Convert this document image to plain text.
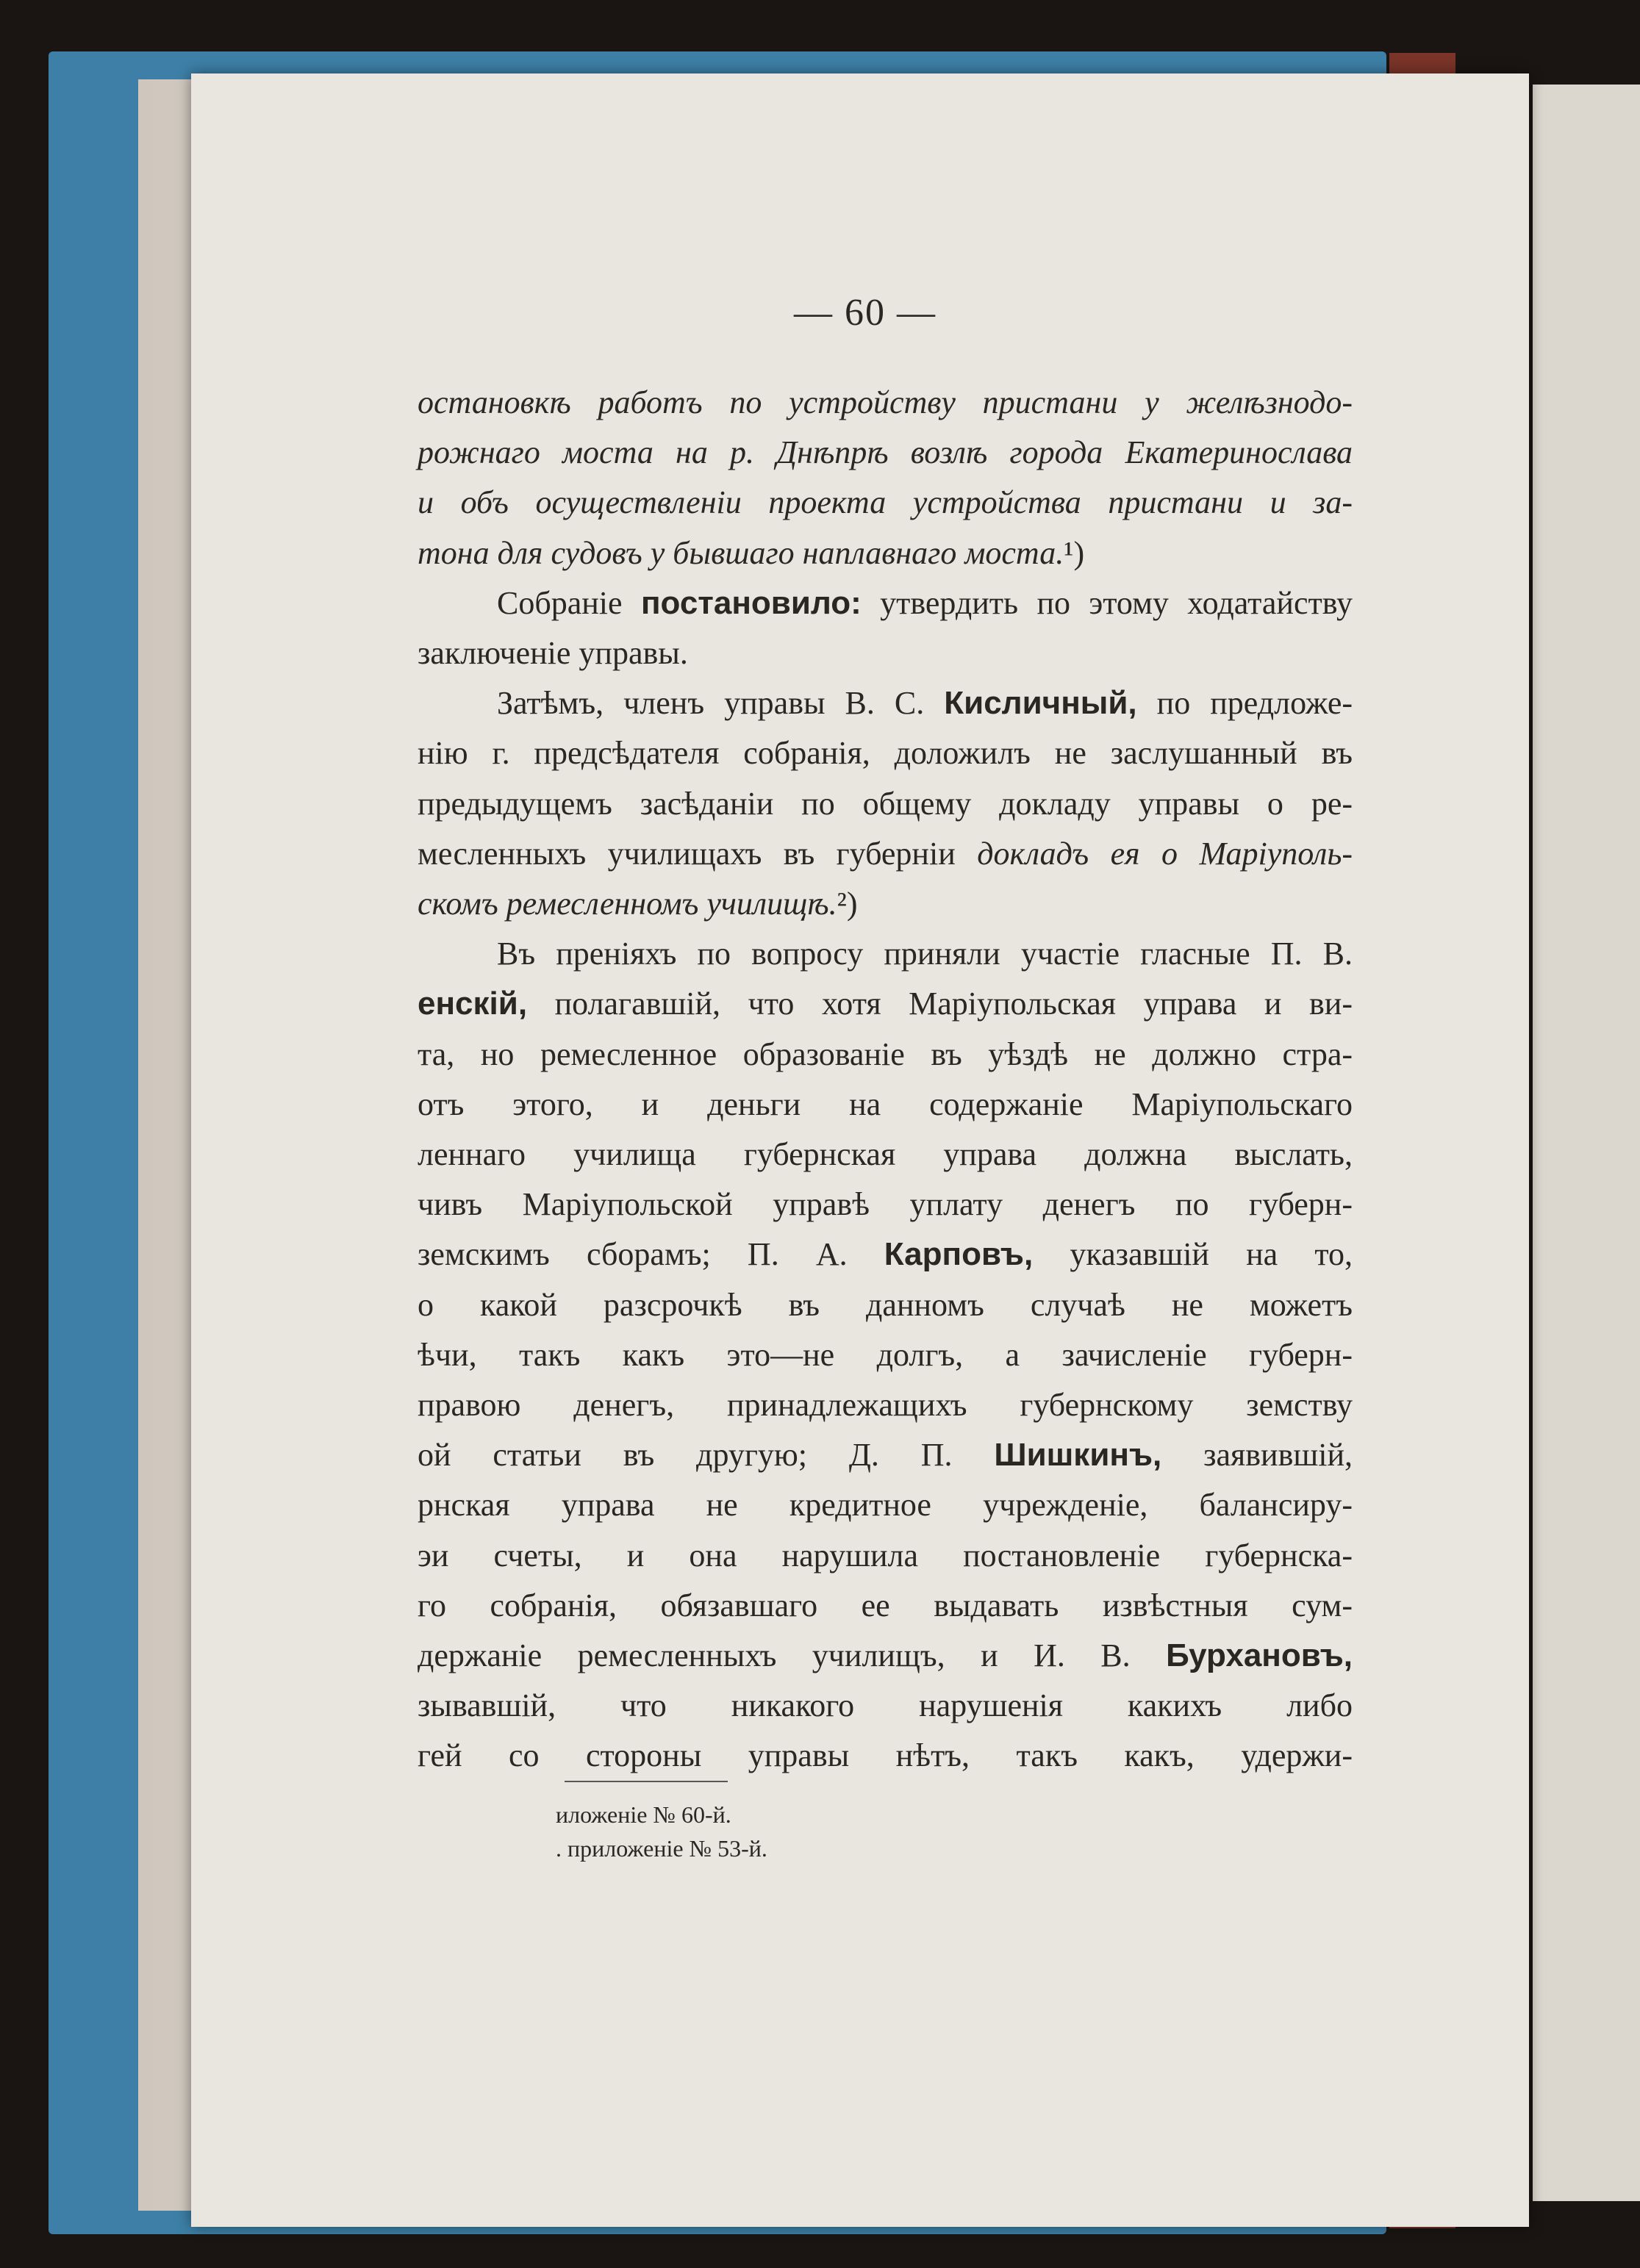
— 60 —
остановкѣ работъ по устройству пристани у желѣзнодо-
рожнаго моста на р. Днѣпрѣ возлѣ города Екатеринослава
и объ осуществленіи проекта устройства пристани и за-
тона для судовъ у бывшаго наплавнаго моста.¹)
Собраніе постановило: утвердить по этому ходатайству
заключеніе управы.
Затѣмъ, членъ управы В. С. Кисличный, по предложе-
нію г. предсѣдателя собранія, доложилъ не заслушанный въ
предыдущемъ засѣданіи по общему докладу управы о ре-
месленныхъ училищахъ въ губерніи докладъ ея о Маріуполь-
скомъ ремесленномъ училищѣ.²)
Въ преніяхъ по вопросу приняли участіе гласные П. В.
енскій, полагавшій, что хотя Маріупольская управа и ви-
та, но ремесленное образованіе въ уѣздѣ не должно стра-
отъ этого, и деньги на содержаніе Маріупольскаго
леннаго училища губернская управа должна выслать,
чивъ Маріупольской управѣ уплату денегъ по губерн-
земскимъ сборамъ; П. А. Карповъ, указавшій на то,
о какой разсрочкѣ въ данномъ случаѣ не можетъ
ѣчи, такъ какъ это—не долгъ, а зачисленіе губерн-
правою денегъ, принадлежащихъ губернскому земству
ой статьи въ другую; Д. П. Шишкинъ, заявившій,
рнская управа не кредитное учрежденіе, балансиру-
эи счеты, и она нарушила постановленіе губернска-
го собранія, обязавшаго ее выдавать извѣстныя сум-
держаніе ремесленныхъ училищъ, и И. В. Бурхановъ,
зывавшій, что никакого нарушенія какихъ либо
гей со стороны управы нѣтъ, такъ какъ, удержи-
иложеніе № 60-й.
. приложеніе № 53-й.
